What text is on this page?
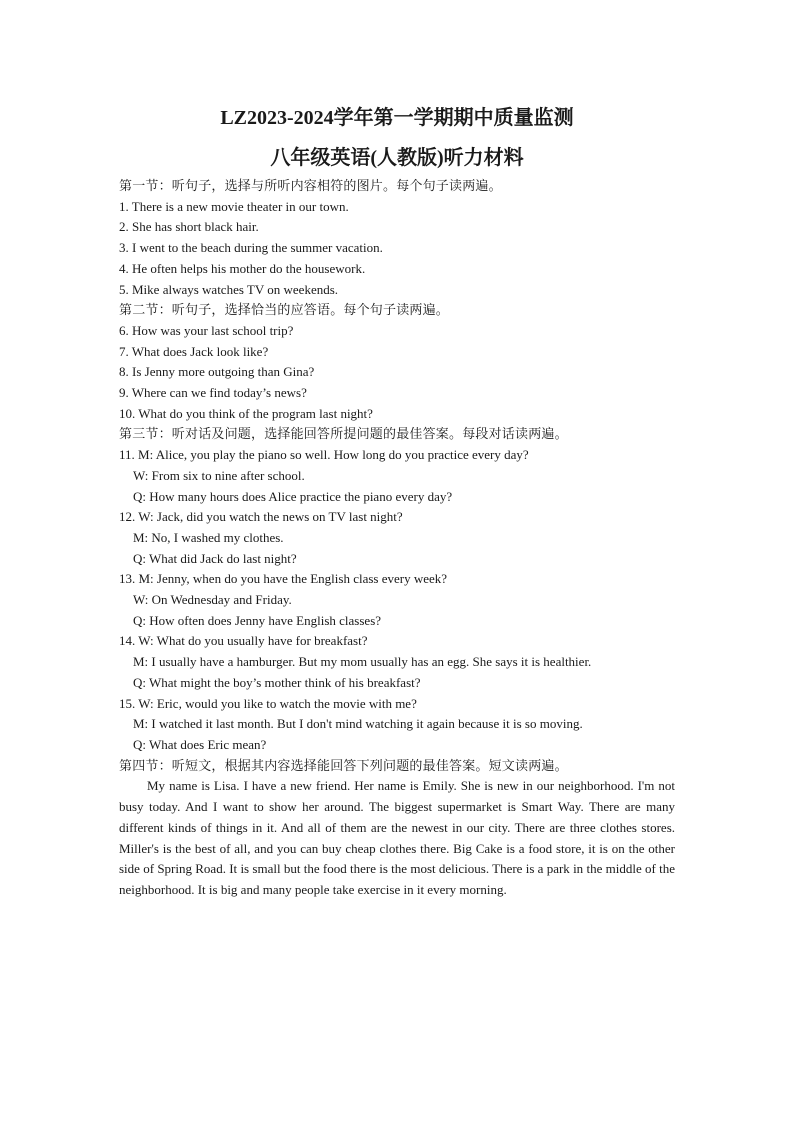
LZ2023-2024学年第一学期期中质量监测
八年级英语(人教版)听力材料
第一节：听句子，选择与所听内容相符的图片。每个句子读两遍。
1. There is a new movie theater in our town.
2. She has short black hair.
3. I went to the beach during the summer vacation.
4. He often helps his mother do the housework.
5. Mike always watches TV on weekends.
第二节：听句子，选择恰当的应答语。每个句子读两遍。
6. How was your last school trip?
7. What does Jack look like?
8. Is Jenny more outgoing than Gina?
9. Where can we find today’s news?
10. What do you think of the program last night?
第三节：听对话及问题，选择能回答所提问题的最佳答案。每段对话读两遍。
11. M: Alice, you play the piano so well. How long do you practice every day?
W: From six to nine after school.
Q: How many hours does Alice practice the piano every day?
12. W: Jack, did you watch the news on TV last night?
M: No, I washed my clothes.
Q: What did Jack do last night?
13. M: Jenny, when do you have the English class every week?
W: On Wednesday and Friday.
Q: How often does Jenny have English classes?
14. W: What do you usually have for breakfast?
M: I usually have a hamburger. But my mom usually has an egg. She says it is healthier.
Q: What might the boy’s mother think of his breakfast?
15. W: Eric, would you like to watch the movie with me?
M: I watched it last month. But I don't mind watching it again because it is so moving.
Q: What does Eric mean?
第四节：听短文，根据其内容选择能回答下列问题的最佳答案。短文读两遍。

My name is Lisa. I have a new friend. Her name is Emily. She is new in our neighborhood. I'm not busy today. And I want to show her around. The biggest supermarket is Smart Way. There are many different kinds of things in it. And all of them are the newest in our city. There are three clothes stores. Miller's is the best of all, and you can buy cheap clothes there. Big Cake is a food store, it is on the other side of Spring Road. It is small but the food there is the most delicious. There is a park in the middle of the neighborhood. It is big and many people take exercise in it every morning.
